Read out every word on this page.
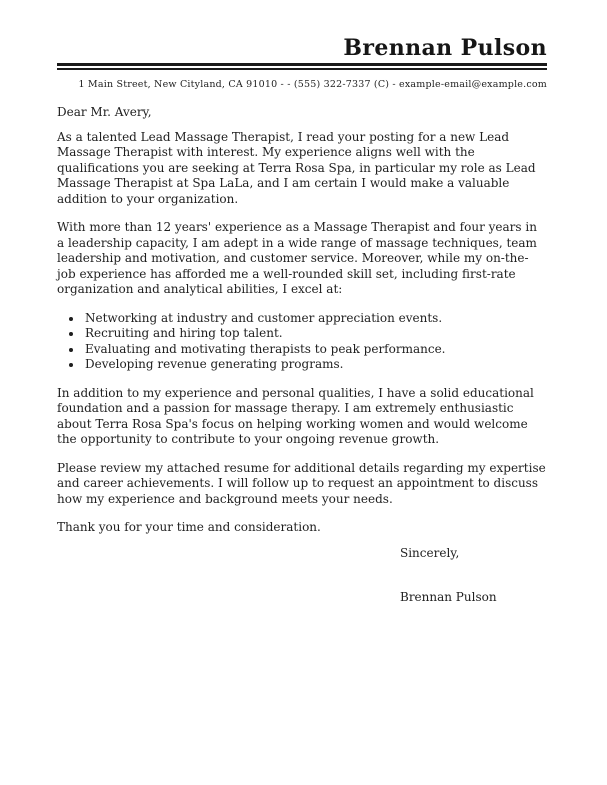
Brennan Pulson
1 Main Street, New Cityland, CA 91010 - - (555) 322-7337 (C) - example-email@example.com

Dear Mr. Avery,

As a talented Lead Massage Therapist, I read your posting for a new Lead Massage Therapist with interest. My experience aligns well with the qualifications you are seeking at Terra Rosa Spa, in particular my role as Lead Massage Therapist at Spa LaLa, and I am certain I would make a valuable addition to your organization.

With more than 12 years' experience as a Massage Therapist and four years in a leadership capacity, I am adept in a wide range of massage techniques, team leadership and motivation, and customer service. Moreover, while my on-the-job experience has afforded me a well-rounded skill set, including first-rate organization and analytical abilities, I excel at:

• Networking at industry and customer appreciation events.
• Recruiting and hiring top talent.
• Evaluating and motivating therapists to peak performance.
• Developing revenue generating programs.

In addition to my experience and personal qualities, I have a solid educational foundation and a passion for massage therapy. I am extremely enthusiastic about Terra Rosa Spa's focus on helping working women and would welcome the opportunity to contribute to your ongoing revenue growth.

Please review my attached resume for additional details regarding my expertise and career achievements. I will follow up to request an appointment to discuss how my experience and background meets your needs.

Thank you for your time and consideration.

Sincerely,

Brennan Pulson
